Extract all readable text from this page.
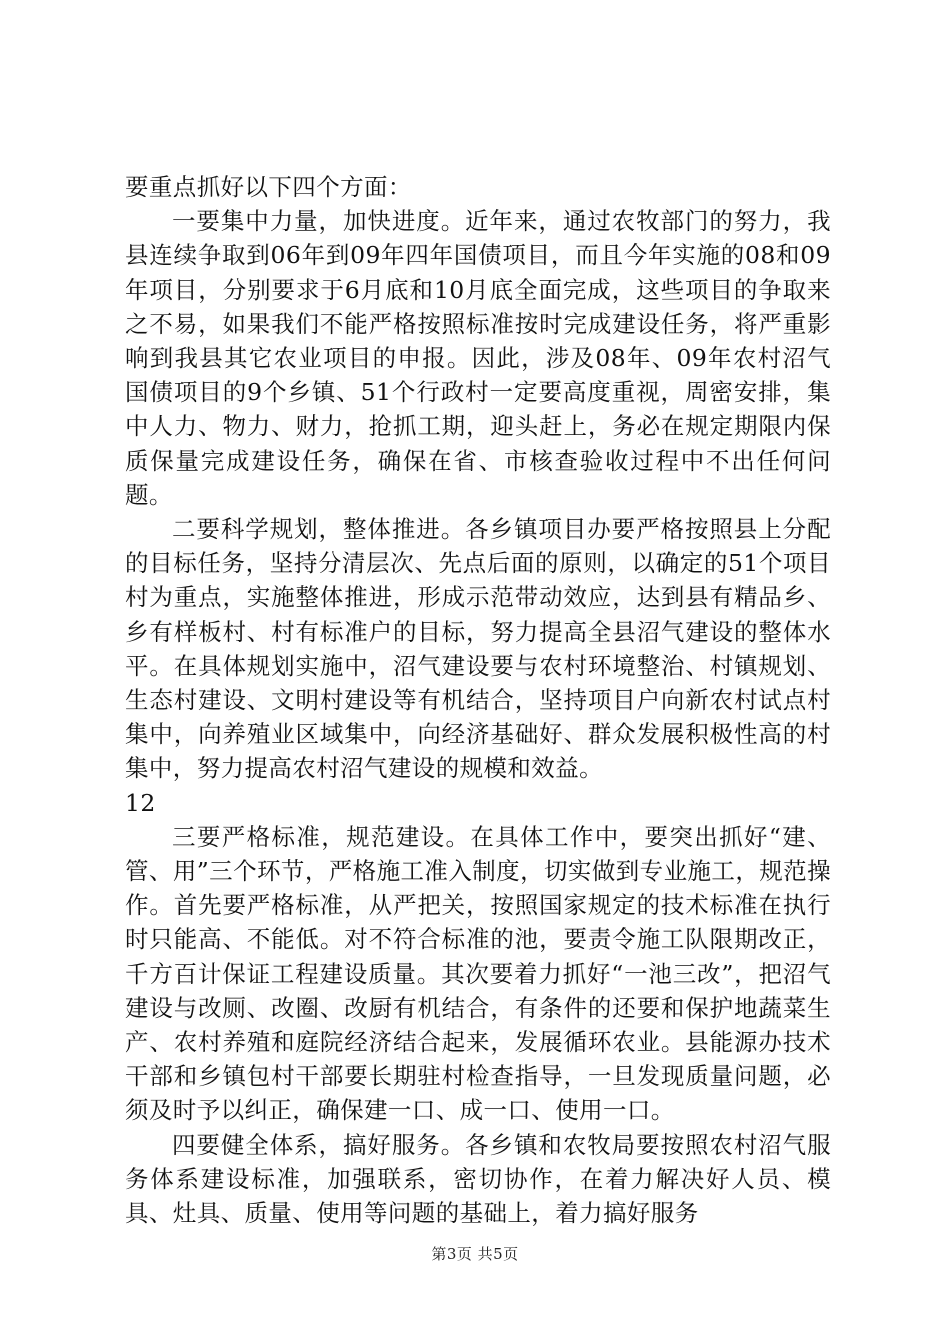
要重点抓好以下四个方面：

一要集中力量，加快进度。近年来，通过农牧部门的努力，我县连续争取到06年到09年四年国债项目，而且今年实施的08和09年项目，分别要求于6月底和10月底全面完成，这些项目的争取来之不易，如果我们不能严格按照标准按时完成建设任务，将严重影响到我县其它农业项目的申报。因此，涉及08年、09年农村沼气国债项目的9个乡镇、51个行政村一定要高度重视，周密安排，集中人力、物力、财力，抢抓工期，迎头赶上，务必在规定期限内保质保量完成建设任务，确保在省、市核查验收过程中不出任何问题。

二要科学规划，整体推进。各乡镇项目办要严格按照县上分配的目标任务，坚持分清层次、先点后面的原则，以确定的51个项目村为重点，实施整体推进，形成示范带动效应，达到县有精品乡、乡有样板村、村有标准户的目标，努力提高全县沼气建设的整体水平。在具体规划实施中，沼气建设要与农村环境整治、村镇规划、生态村建设、文明村建设等有机结合，坚持项目户向新农村试点村集中，向养殖业区域集中，向经济基础好、群众发展积极性高的村集中，努力提高农村沼气建设的规模和效益。

12

三要严格标准，规范建设。在具体工作中，要突出抓好“建、管、用”三个环节，严格施工准入制度，切实做到专业施工，规范操作。首先要严格标准，从严把关，按照国家规定的技术标准在执行时只能高、不能低。对不符合标准的池，要责令施工队限期改正，千方百计保证工程建设质量。其次要着力抓好“一池三改”，把沼气建设与改厕、改圈、改厨有机结合，有条件的还要和保护地蔬菜生产、农村养殖和庭院经济结合起来，发展循环农业。县能源办技术干部和乡镇包村干部要长期驻村检查指导，一旦发现质量问题，必须及时予以纠正，确保建一口、成一口、使用一口。

四要健全体系，搞好服务。各乡镇和农牧局要按照农村沼气服务体系建设标准，加强联系，密切协作，在着力解决好人员、模具、灶具、质量、使用等问题的基础上，着力搞好服务

第3页 共5页
